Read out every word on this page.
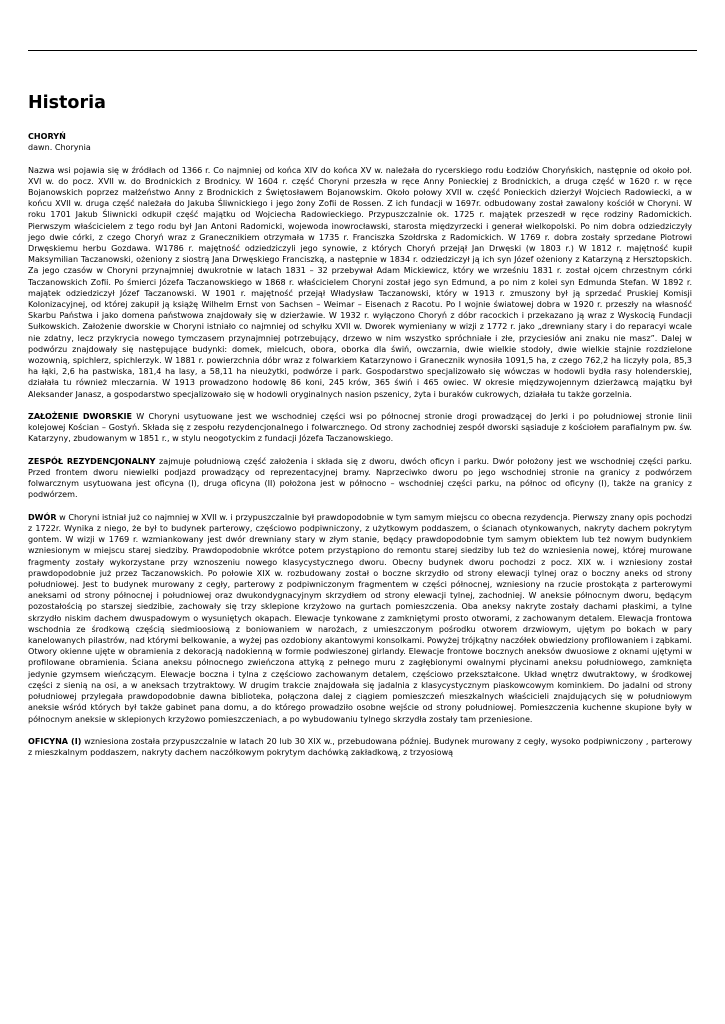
Historia

CHORYŃ
dawn. Chorynia

Nazwa wsi pojawia się w źródłach od 1366 r. Co najmniej od końca XIV do końca XV w. należała do rycerskiego rodu Łodziów Choryńskich, następnie od około poł. XVI w. do pocz. XVII w. do Brodnickich z Brodnicy. W 1604 r. część Choryni przeszła w ręce Anny Ponieckiej z Brodnickich, a druga część w 1620 r. w ręce Bojanowskich poprzez małżeństwo Anny z Brodnickich z Świętosławem Bojanowskim. Około połowy XVII w. część Ponieckich dzierżył Wojciech Radowiecki, a w końcu XVII w. druga część należała do Jakuba Śliwnickiego i jego żony Zofii de Rossen. Z ich fundacji w 1697r. odbudowany został zawalony kościół w Choryni. W roku 1701 Jakub Śliwnicki odkupił część majątku od Wojciecha Radowieckiego. Przypuszczalnie ok. 1725 r. majątek przeszedł w ręce rodziny Radomickich. Pierwszym właścicielem z tego rodu był Jan Antoni Radomicki, wojewoda inowrocławski, starosta międzyrzecki i generał wielkopolski. Po nim dobra odziedziczyły jego dwie córki, z czego Choryń wraz z Granecznikiem otrzymała w 1735 r. Franciszka Szołdrska z Radomickich. W 1769 r. dobra zostały sprzedane Piotrowi Drwęskiemu herbu Gozdawa. W1786 r. majętność odziedziczyli jego synowie, z których Choryń przejął Jan Drwęski (w 1803 r.) W 1812 r. majętność kupił Maksymilian Taczanowski, ożeniony z siostrą Jana Drwęskiego Franciszką, a następnie w 1834 r. odziedziczył ją ich syn Józef ożeniony z Katarzyną z Hersztopskich. Za jego czasów w Choryni przynajmniej dwukrotnie w latach 1831 – 32 przebywał Adam Mickiewicz, który we wrześniu 1831 r. został ojcem chrzestnym córki Taczanowskich Zofii. Po śmierci Józefa Taczanowskiego w 1868 r. właścicielem Choryni został jego syn Edmund, a po nim z kolei syn Edmunda Stefan. W 1892 r. majątek odziedziczył Józef Taczanowski. W 1901 r. majętność przejął Władysław Taczanowski, który w 1913 r. zmuszony był ją sprzedać Pruskiej Komisji Kolonizacyjnej, od której zakupił ją książę Wilhelm Ernst von Sachsen – Weimar – Eisenach z Racotu. Po I wojnie światowej dobra w 1920 r. przeszły na własność Skarbu Państwa i jako domena państwowa znajdowały się w dzierżawie. W 1932 r. wyłączono Choryń z dóbr racockich i przekazano ją wraz z Wyskocią Fundacji Sułkowskich. Założenie dworskie w Choryni istniało co najmniej od schyłku XVII w. Dworek wymieniany w wizji z 1772 r. jako „drewniany stary i do reparacyi wcale nie zdatny, lecz przykrycia nowego tymczasem przynajmniej potrzebujący, drzewo w nim wszystko spróchniałe i złe, przyciesiów ani znaku nie masz”. Dalej w podwórzu znajdowały się następujące budynki: domek, mielcuch, obora, oborka dla świń, owczarnia, dwie wielkie stodoły, dwie wielkie stajnie rozdzielone wozownią, spichlerz, spichlerzyk. W 1881 r. powierzchnia dóbr wraz z folwarkiem Katarzynowo i Granecznik wynosiła 1091,5 ha, z czego 762,2 ha liczyły pola, 85,3 ha łąki, 2,6 ha pastwiska, 181,4 ha lasy, a 58,11 ha nieużytki, podwórze i park. Gospodarstwo specjalizowało się wówczas w hodowli bydła rasy holenderskiej, działała tu również mleczarnia. W 1913 prowadzono hodowlę 86 koni, 245 krów, 365 świń i 465 owiec. W okresie międzywojennym dzierżawcą majątku był Aleksander Janasz, a gospodarstwo specjalizowało się w hodowli oryginalnych nasion pszenicy, żyta i buraków cukrowych, działała tu także gorzelnia.

ZAŁOŻENIE DWORSKIE W Choryni usytuowane jest we wschodniej części wsi po północnej stronie drogi prowadzącej do Jerki i po południowej stronie linii kolejowej Kościan – Gostyń. Składa się z zespołu rezydencjonalnego i folwarcznego. Od strony zachodniej zespół dworski sąsiaduje z kościołem parafialnym pw. św. Katarzyny, zbudowanym w 1851 r., w stylu neogotyckim z fundacji Józefa Taczanowskiego.

ZESPÓŁ REZYDENCJONALNY zajmuje południową część założenia i składa się z dworu, dwóch oficyn i parku. Dwór położony jest we wschodniej części parku. Przed frontem dworu niewielki podjazd prowadzący od reprezentacyjnej bramy. Naprzeciwko dworu po jego wschodniej stronie na granicy z podwórzem folwarcznym usytuowana jest oficyna (I), druga oficyna (II) położona jest w północno – wschodniej części parku, na północ od oficyny (I), także na granicy z podwórzem.

DWÓR w Choryni istniał już co najmniej w XVII w. i przypuszczalnie był prawdopodobnie w tym samym miejscu co obecna rezydencja. Pierwszy znany opis pochodzi z 1722r. Wynika z niego, że był to budynek parterowy, częściowo podpiwniczony, z użytkowym poddaszem, o ścianach otynkowanych, nakryty dachem pokrytym gontem. W wizji w 1769 r. wzmiankowany jest dwór drewniany stary w złym stanie, będący prawdopodobnie tym samym obiektem lub też nowym budynkiem wzniesionym w miejscu starej siedziby. Prawdopodobnie wkrótce potem przystąpiono do remontu starej siedziby lub też do wzniesienia nowej, której murowane fragmenty zostały wykorzystane przy wznoszeniu nowego klasycystycznego dworu. Obecny budynek dworu pochodzi z pocz. XIX w. i wzniesiony został prawdopodobnie już przez Taczanowskich. Po połowie XIX w. rozbudowany został o boczne skrzydło od strony elewacji tylnej oraz o boczny aneks od strony południowej. Jest to budynek murowany z cegły, parterowy z podpiwniczonym fragmentem w części północnej, wzniesiony na rzucie prostokąta z parterowymi aneksami od strony północnej i południowej oraz dwukondygnacyjnym skrzydłem od strony elewacji tylnej, zachodniej. W aneksie północnym dworu, będącym pozostałością po starszej siedzibie, zachowały się trzy sklepione krzyżowo na gurtach pomieszczenia. Oba aneksy nakryte zostały dachami płaskimi, a tylne skrzydło niskim dachem dwuspadowym o wysuniętych okapach. Elewacje tynkowane z zamkniętymi prosto otworami, z zachowanym detalem. Elewacja frontowa wschodnia ze środkową częścią siedmioosiową z boniowaniem w narożach, z umieszczonym pośrodku otworem drzwiowym, ujętym po bokach w pary kanelowanych pilastrów, nad którymi belkowanie, a wyżej pas ozdobiony akantowymi konsolkami. Powyżej trójkątny naczółek obwiedziony profilowaniem i ząbkami. Otwory okienne ujęte w obramienia z dekoracją nadokienną w formie podwieszonej girlandy. Elewacje frontowe bocznych aneksów dwuosiowe z oknami ujętymi w profilowane obramienia. Ściana aneksu północnego zwieńczona attyką z pełnego muru z zagłębionymi owalnymi płycinami aneksu południowego, zamknięta jedynie gzymsem wieńczącym. Elewacje boczna i tylna z częściowo zachowanym detalem, częściowo przekształcone. Układ wnętrz dwutraktowy, w środkowej części z sienią na osi, a w aneksach trzytraktowy. W drugim trakcie znajdowała się jadalnia z klasycystycznym piaskowcowym kominkiem. Do jadalni od strony południowej przylegała prawdopodobnie dawna biblioteka, połączona dalej z ciągiem pomieszczeń mieszkalnych właścicieli znajdujących się w południowym aneksie wśród których był także gabinet pana domu, a do którego prowadziło osobne wejście od strony południowej. Pomieszczenia kuchenne skupione były w północnym aneksie w sklepionych krzyżowo pomieszczeniach, a po wybudowaniu tylnego skrzydła zostały tam przeniesione.

OFICYNA (I) wzniesiona została przypuszczalnie w latach 20 lub 30 XIX w., przebudowana później. Budynek murowany z cegły, wysoko podpiwniczony , parterowy z mieszkalnym poddaszem, nakryty dachem naczółkowym pokrytym dachówką zakładkową, z trzyosiową
